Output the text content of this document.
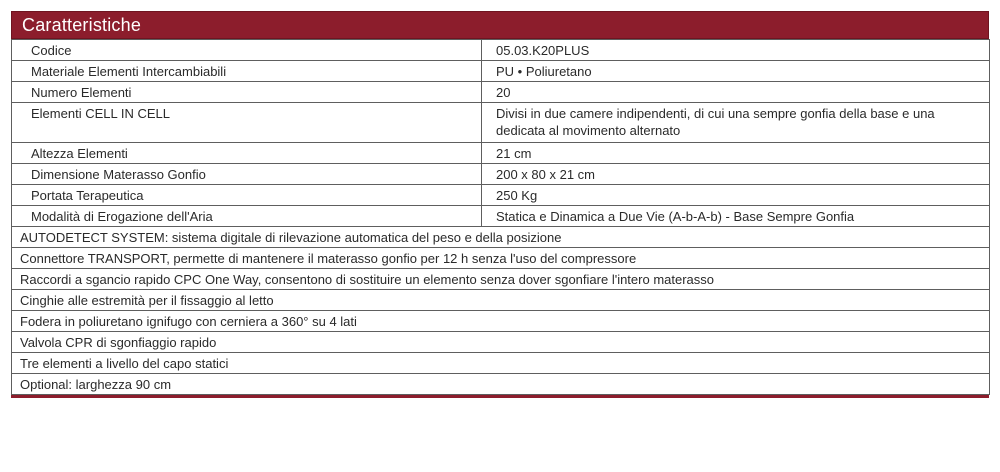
Caratteristiche
Codice	05.03.K20PLUS
Materiale Elementi Intercambiabili	PU • Poliuretano
Numero Elementi	20
Elementi CELL IN CELL	Divisi in due camere indipendenti, di cui una sempre gonfia della base e una dedicata al movimento alternato
Altezza Elementi	21 cm
Dimensione Materasso Gonfio	200 x 80 x 21 cm
Portata Terapeutica	250 Kg
Modalità di Erogazione dell'Aria	Statica e Dinamica a Due Vie (A-b-A-b) - Base Sempre Gonfia
AUTODETECT SYSTEM: sistema digitale di rilevazione automatica del peso e della posizione	
Connettore TRANSPORT, permette di mantenere il materasso gonfio per 12 h senza l'uso del compressore	
Raccordi a sgancio rapido CPC One Way, consentono di sostituire un elemento senza dover sgonfiare l'intero materasso	
Cinghie alle estremità per il fissaggio al letto	
Fodera in poliuretano ignifugo con cerniera a 360° su 4 lati	
Valvola CPR di sgonfiaggio rapido	
Tre elementi a livello del capo statici	
Optional: larghezza 90 cm	
